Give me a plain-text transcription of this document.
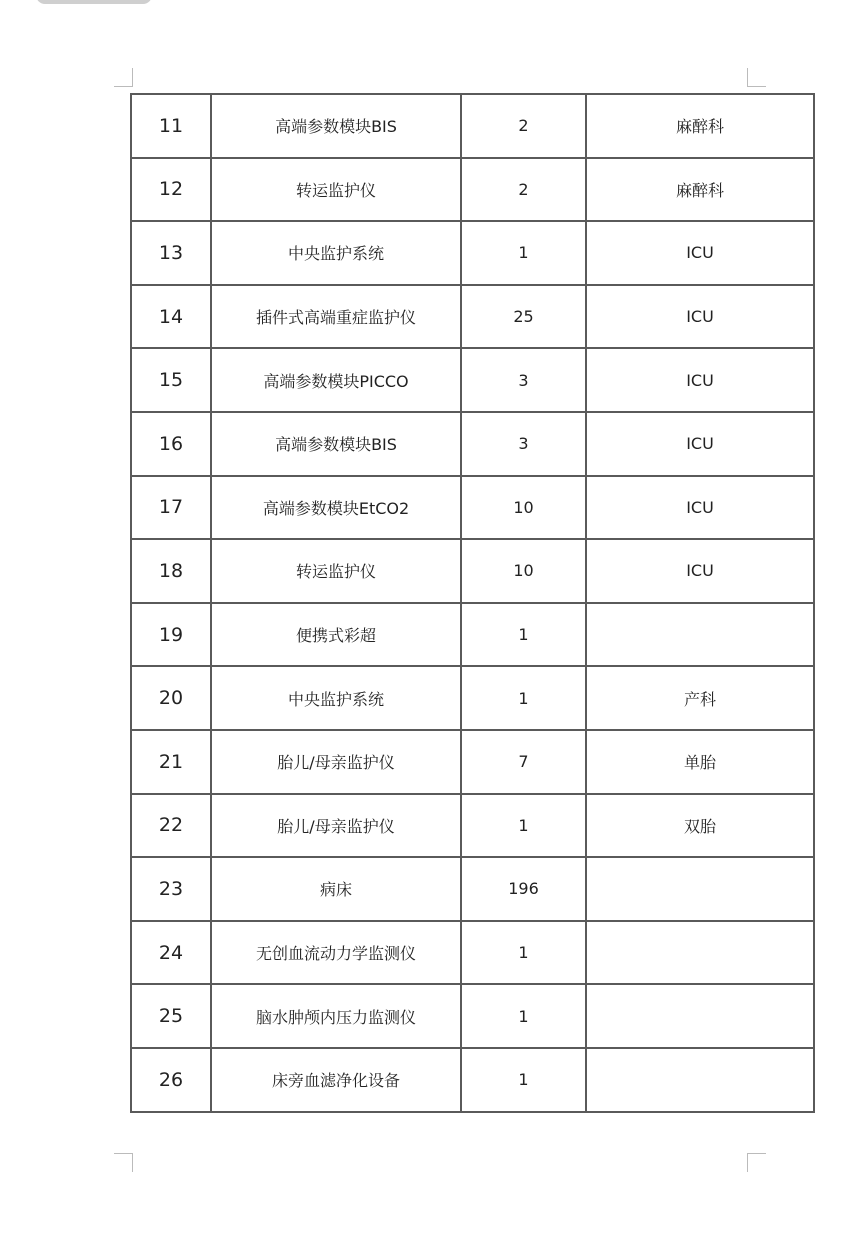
11	高端参数模块BIS	2	麻醉科
12	转运监护仪	2	麻醉科
13	中央监护系统	1	ICU
14	插件式高端重症监护仪	25	ICU
15	高端参数模块PICCO	3	ICU
16	高端参数模块BIS	3	ICU
17	高端参数模块EtCO2	10	ICU
18	转运监护仪	10	ICU
19	便携式彩超	1	
20	中央监护系统	1	产科
21	胎儿/母亲监护仪	7	单胎
22	胎儿/母亲监护仪	1	双胎
23	病床	196	
24	无创血流动力学监测仪	1	
25	脑水肿颅内压力监测仪	1	
26	床旁血滤净化设备	1	
